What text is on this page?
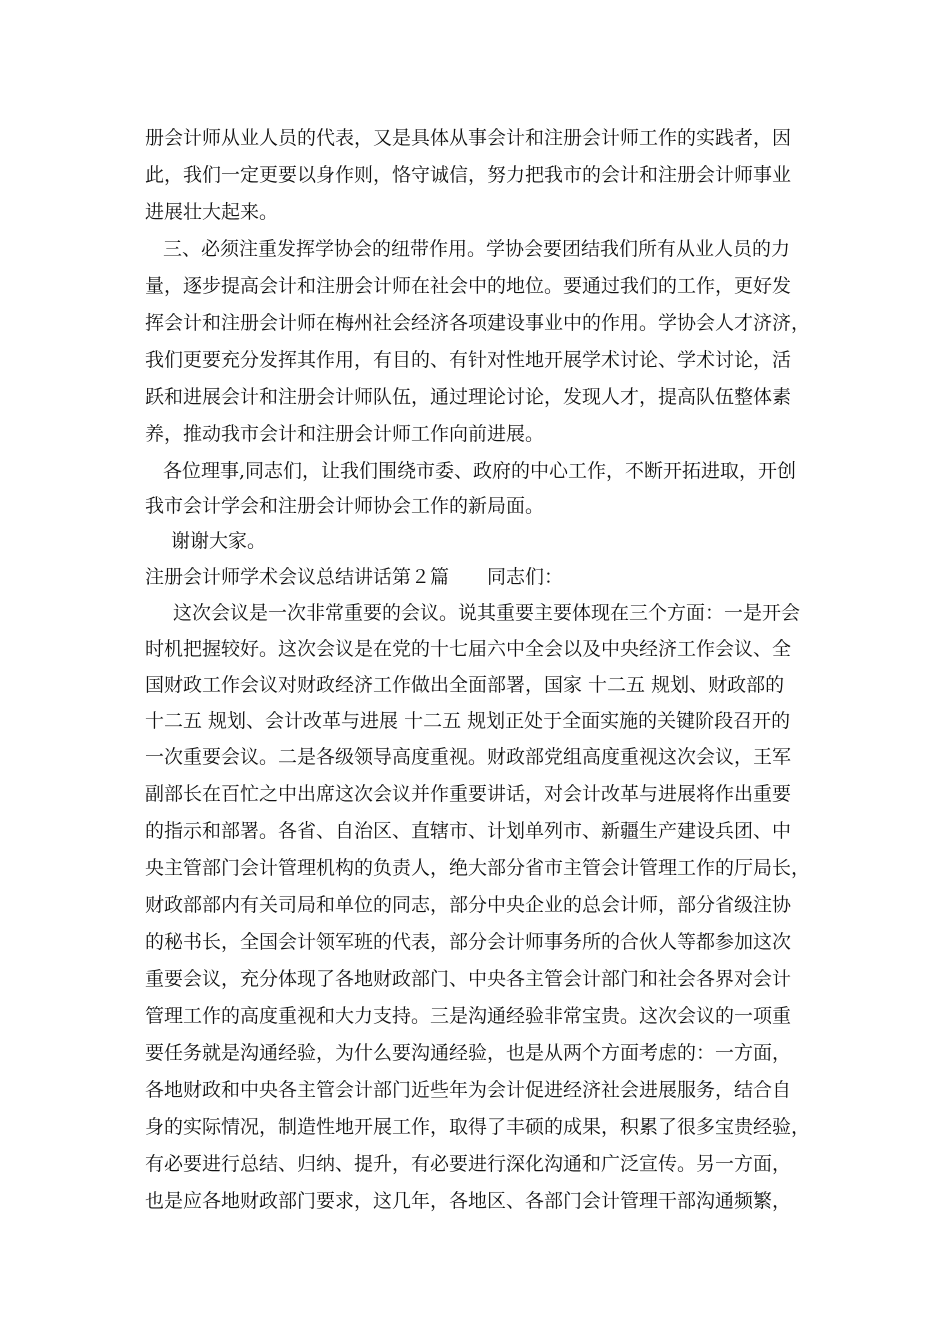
册会计师从业人员的代表，又是具体从事会计和注册会计师工作的实践者，因
此，我们一定更要以身作则，恪守诚信，努力把我市的会计和注册会计师事业
进展壮大起来。
三、必须注重发挥学协会的纽带作用。学协会要团结我们所有从业人员的力
量，逐步提高会计和注册会计师在社会中的地位。要通过我们的工作，更好发
挥会计和注册会计师在梅州社会经济各项建设事业中的作用。学协会人才济济，
我们更要充分发挥其作用，有目的、有针对性地开展学术讨论、学术讨论，活
跃和进展会计和注册会计师队伍，通过理论讨论，发现人才，提高队伍整体素
养，推动我市会计和注册会计师工作向前进展。
各位理事,同志们，让我们围绕市委、政府的中心工作，不断开拓进取，开创
我市会计学会和注册会计师协会工作的新局面。
谢谢大家。
注册会计师学术会议总结讲话第２篇　　同志们：
这次会议是一次非常重要的会议。说其重要主要体现在三个方面：一是开会
时机把握较好。这次会议是在党的十七届六中全会以及中央经济工作会议、全
国财政工作会议对财政经济工作做出全面部署，国家 十二五 规划、财政部的
十二五 规划、会计改革与进展 十二五 规划正处于全面实施的关键阶段召开的
一次重要会议。二是各级领导高度重视。财政部党组高度重视这次会议，王军
副部长在百忙之中出席这次会议并作重要讲话，对会计改革与进展将作出重要
的指示和部署。各省、自治区、直辖市、计划单列市、新疆生产建设兵团、中
央主管部门会计管理机构的负责人，绝大部分省市主管会计管理工作的厅局长，
财政部部内有关司局和单位的同志，部分中央企业的总会计师，部分省级注协
的秘书长，全国会计领军班的代表，部分会计师事务所的合伙人等都参加这次
重要会议，充分体现了各地财政部门、中央各主管会计部门和社会各界对会计
管理工作的高度重视和大力支持。三是沟通经验非常宝贵。这次会议的一项重
要任务就是沟通经验，为什么要沟通经验，也是从两个方面考虑的：一方面，
各地财政和中央各主管会计部门近些年为会计促进经济社会进展服务，结合自
身的实际情况，制造性地开展工作，取得了丰硕的成果，积累了很多宝贵经验，
有必要进行总结、归纳、提升，有必要进行深化沟通和广泛宣传。另一方面，
也是应各地财政部门要求，这几年，各地区、各部门会计管理干部沟通频繁，
